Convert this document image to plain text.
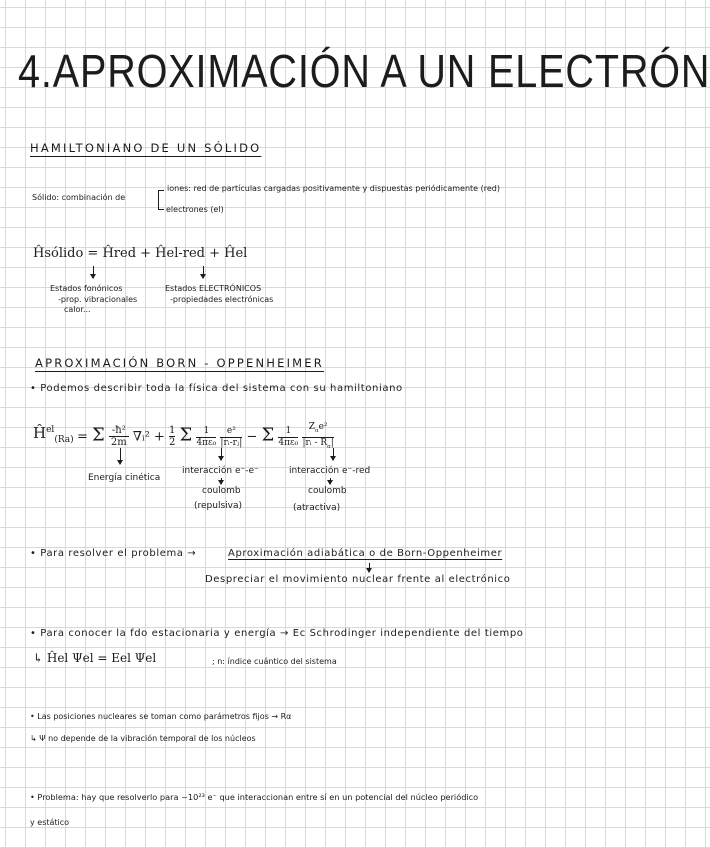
4.APROXIMACIÓN A UN ELECTRÓN
HAMILTONIANO DE UN SÓLIDO
Sólido: combinación de
iones: red de partículas cargadas positivamente y dispuestas periódicamente (red)
electrones (el)
Ĥsólido = Ĥred + Ĥel-red + Ĥel
Estados fonónicos
-prop. vibracionales
calor...
Estados ELECTRÓNICOS
-propiedades electrónicas
APROXIMACIÓN BORN - OPPENHEIMER
• Podemos describir toda la física del sistema con su hamiltoniano
$Ĥ^{el}_{(Ra)} = \Sigma$ -ħ²
2m ∇ᵢ² + 1
2 Σ 1
4πε₀ e²
|rᵢ-rⱼ| − Σ 1
4πε₀ $Z_\alpha e^2$
|rᵢ - $R_\alpha|$
Energía cinética
interacción e⁻-e⁻
coulomb
(repulsiva)
interacción e⁻-red
coulomb
(atractiva)
• Para resolver el problema →	Aproximación adiabática o de Born-Oppenheimer
Despreciar el movimiento nuclear frente al electrónico
• Para conocer la fdo estacionaria y energía → Ec Schrodinger independiente del tiempo
↳ Ĥel Ψel = Eel Ψel	; n: índice cuántico del sistema
• Las posiciones nucleares se toman como parámetros fijos → Rα
↳ Ψ no depende de la vibración temporal de los núcleos
• Problema: hay que resolverlo para ~10²³ e⁻ que interaccionan entre sí en un potencial del núcleo periódico
y estático
